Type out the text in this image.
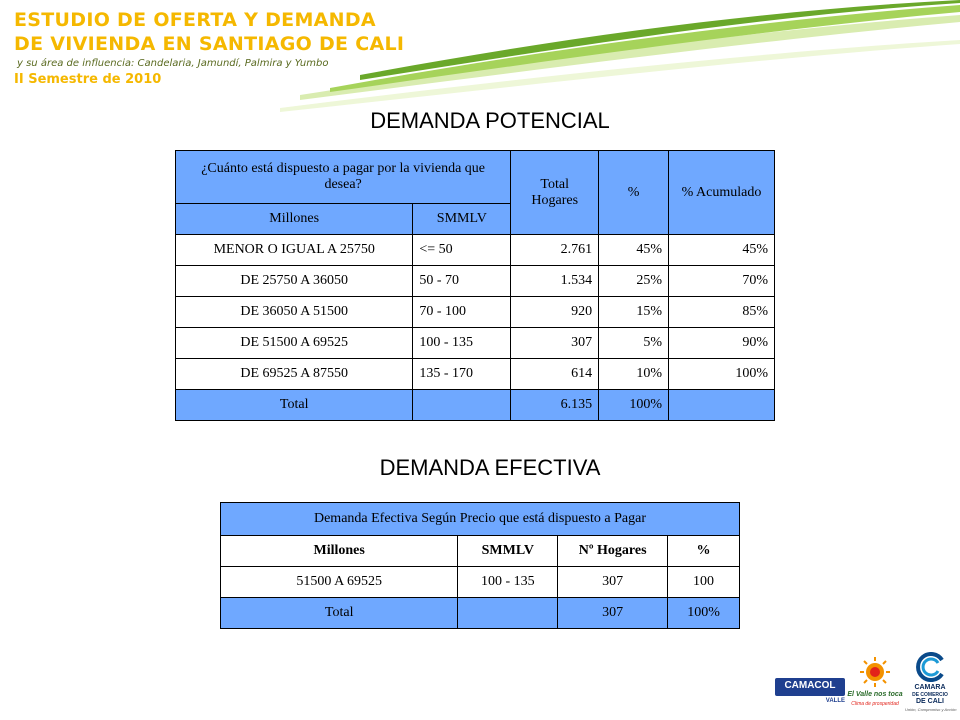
ESTUDIO DE OFERTA Y DEMANDA
DE VIVIENDA EN SANTIAGO DE CALI
y su área de influencia: Candelaria, Jamundí, Palmira y Yumbo
II Semestre de 2010
DEMANDA POTENCIAL
¿Cuánto está dispuesto a pagar por la vivienda que desea?		Total Hogares	%	% Acumulado
Millones	SMMLV			
MENOR O IGUAL A 25750	<= 50	2.761	45%	45%
DE 25750 A 36050	50 - 70	1.534	25%	70%
DE 36050 A 51500	70 - 100	920	15%	85%
DE 51500 A 69525	100 - 135	307	5%	90%
DE 69525 A 87550	135 - 170	614	10%	100%
Total		6.135	100%	
DEMANDA EFECTIVA
Demanda Efectiva Según Precio que está dispuesto a Pagar			
Millones	SMMLV	Nº Hogares	%
51500 A 69525	100 - 135	307	100
Total		307	100%
CAMACOL
VALLE
El Valle nos toca
Clima de prosperidad
CAMARA
DE COMERCIO
DE CALI
Unión, Compromiso y Acción
